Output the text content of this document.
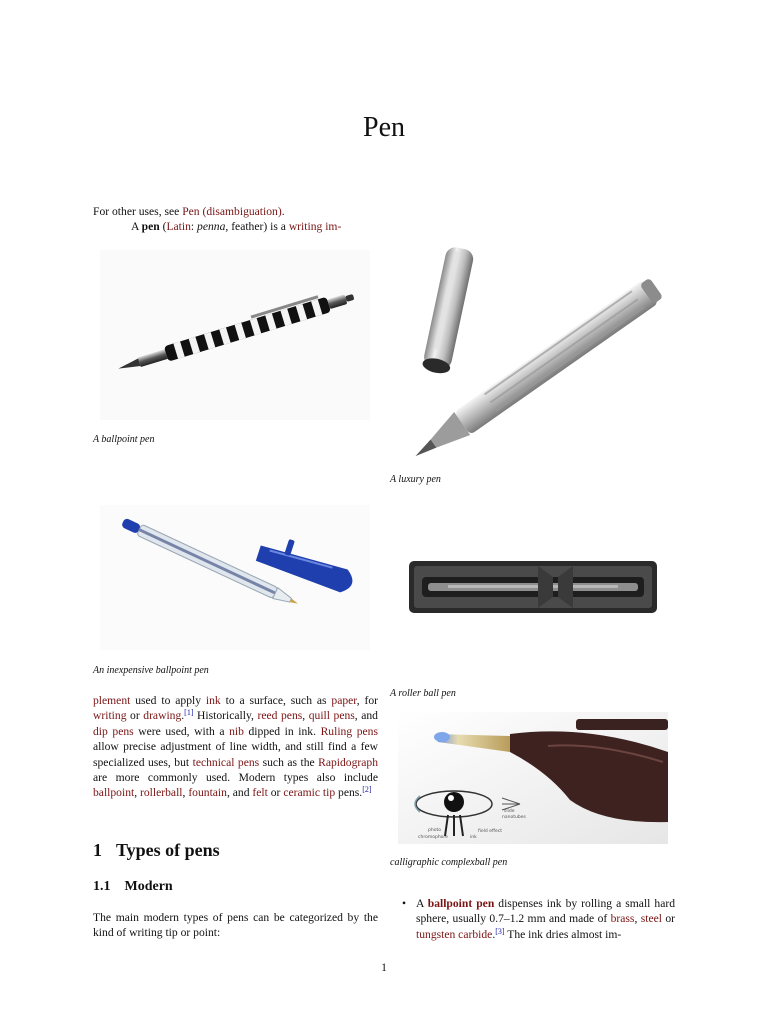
Pen
For other uses, see Pen (disambiguation).
A pen (Latin: penna, feather) is a writing im-
A ballpoint pen
A luxury pen
An inexpensive ballpoint pen
A roller ball pen
plement used to apply ink to a surface, such as paper, for writing or drawing.[1] Historically, reed pens, quill pens, and dip pens were used, with a nib dipped in ink. Ruling pens allow precise adjustment of line width, and still find a few specialized uses, but technical pens such as the Rapidograph are more commonly used. Modern types also include ballpoint, rollerball, fountain, and felt or ceramic tip pens.[2]
photo
chromophore	ink
slide
nanotubes
field effect
calligraphic complexball pen
1 Types of pens
1.1 Modern
The main modern types of pens can be categorized by the kind of writing tip or point:
• A ballpoint pen dispenses ink by rolling a small hard sphere, usually 0.7–1.2 mm and made of brass, steel or tungsten carbide.[3] The ink dries almost im-
1
